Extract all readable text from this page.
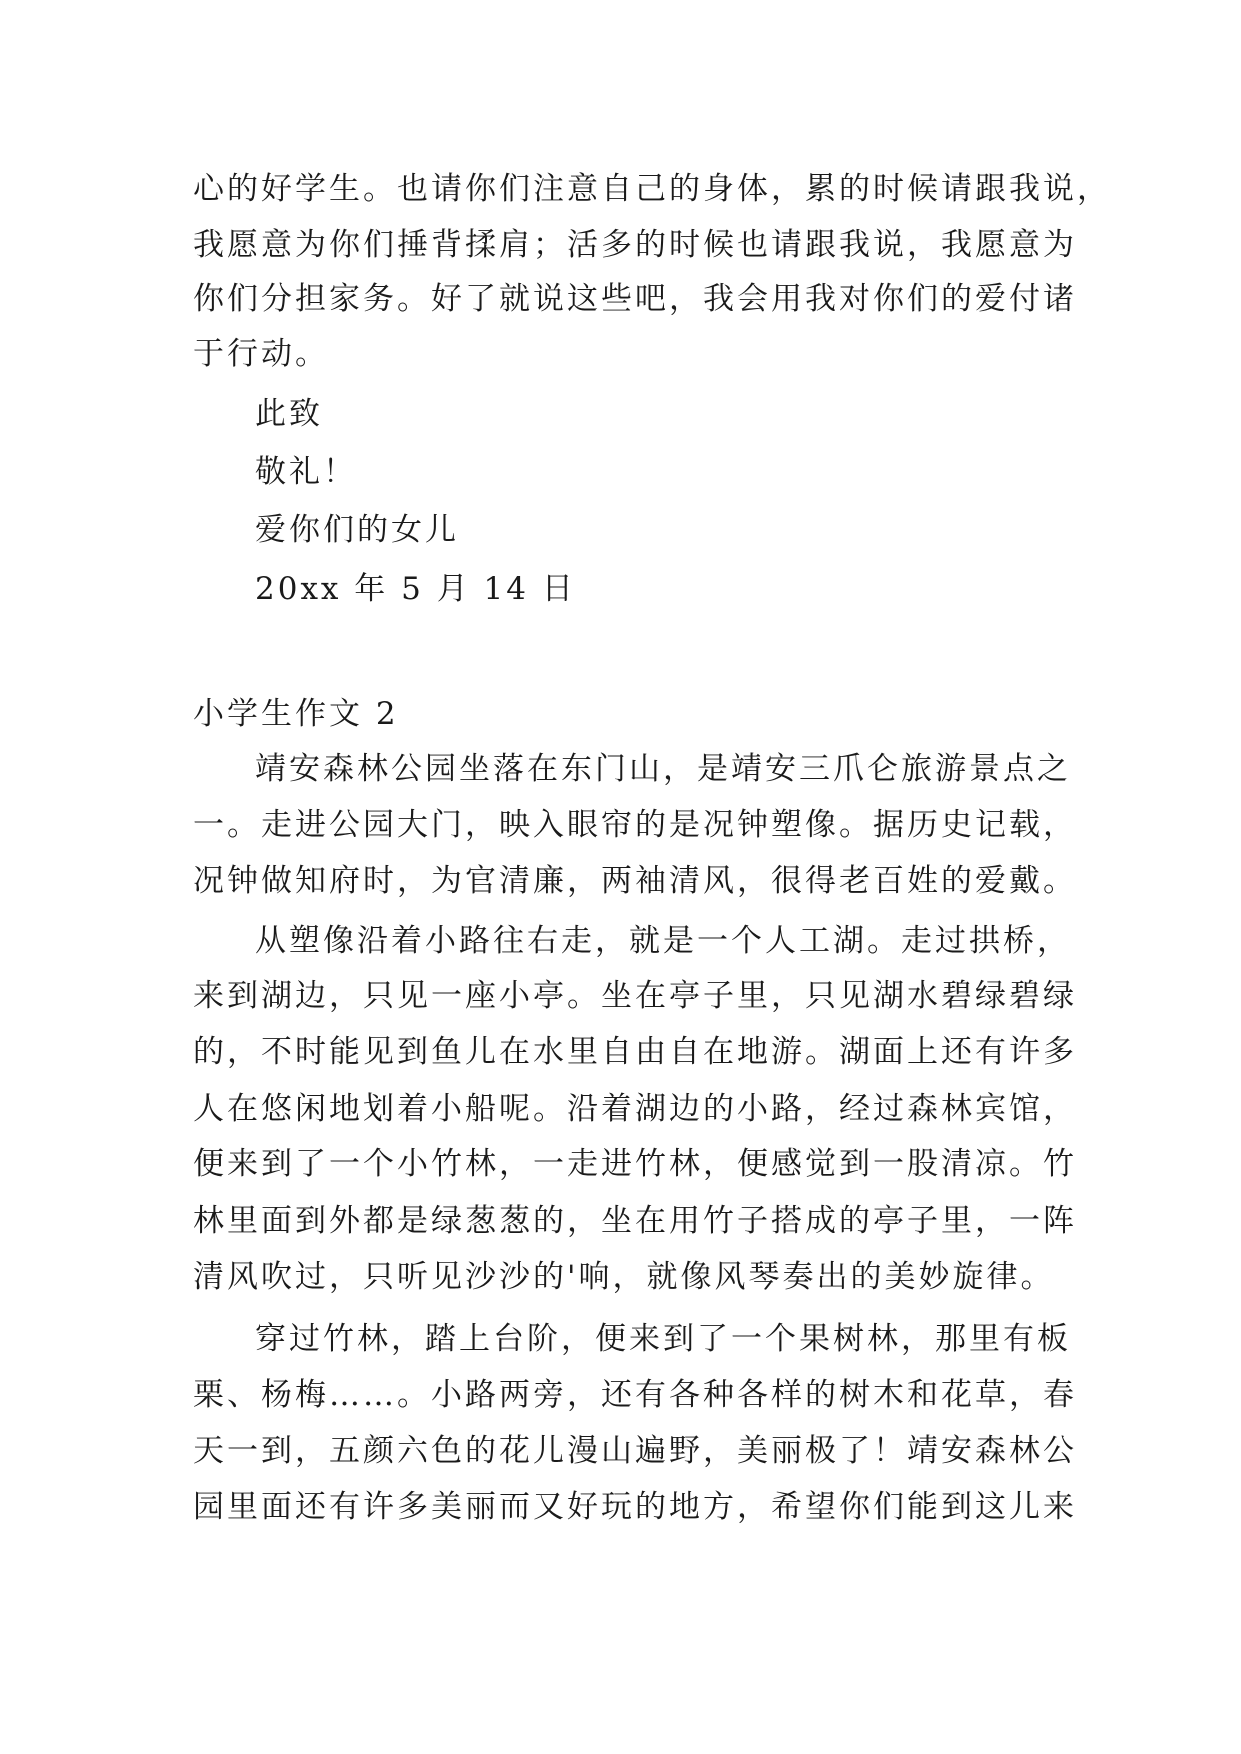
心的好学生。也请你们注意自己的身体，累的时候请跟我说，
我愿意为你们捶背揉肩；活多的时候也请跟我说，我愿意为
你们分担家务。好了就说这些吧，我会用我对你们的爱付诸
于行动。
此致
敬礼！
爱你们的女儿
20xx 年 5 月 14 日
小学生作文 2
靖安森林公园坐落在东门山，是靖安三爪仑旅游景点之
一。走进公园大门，映入眼帘的是况钟塑像。据历史记载，
况钟做知府时，为官清廉，两袖清风，很得老百姓的爱戴。
从塑像沿着小路往右走，就是一个人工湖。走过拱桥，
来到湖边，只见一座小亭。坐在亭子里，只见湖水碧绿碧绿
的，不时能见到鱼儿在水里自由自在地游。湖面上还有许多
人在悠闲地划着小船呢。沿着湖边的小路，经过森林宾馆，
便来到了一个小竹林，一走进竹林，便感觉到一股清凉。竹
林里面到外都是绿葱葱的，坐在用竹子搭成的亭子里，一阵
清风吹过，只听见沙沙的'响，就像风琴奏出的美妙旋律。
穿过竹林，踏上台阶，便来到了一个果树林，那里有板
栗、杨梅……。小路两旁，还有各种各样的树木和花草，春
天一到，五颜六色的花儿漫山遍野，美丽极了！靖安森林公
园里面还有许多美丽而又好玩的地方，希望你们能到这儿来
